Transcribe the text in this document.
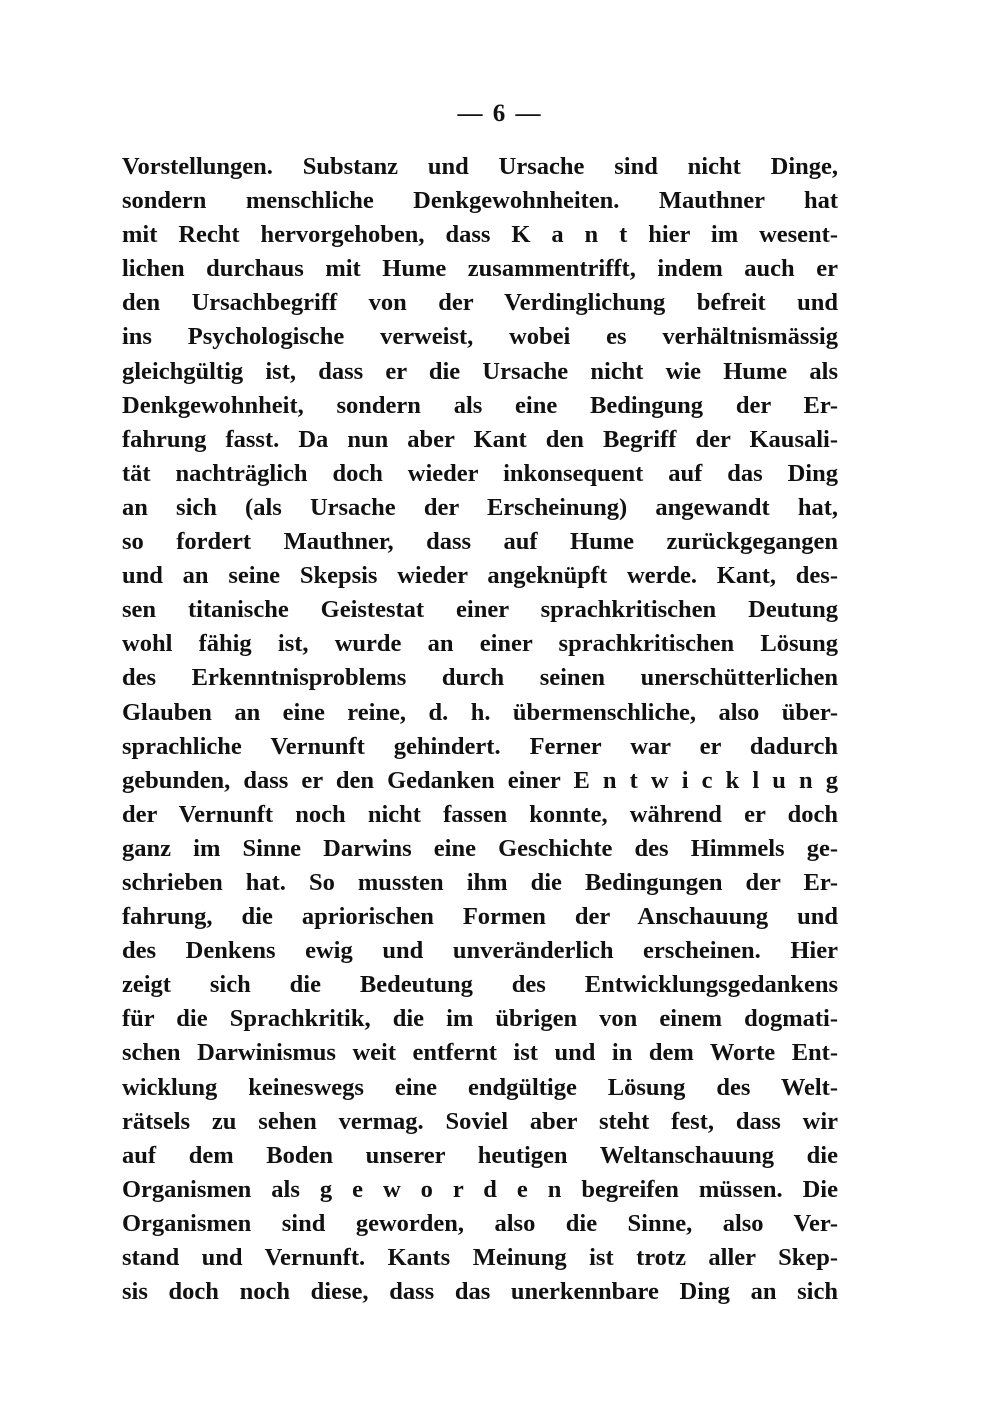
— 6 —
Vorstellungen. Substanz und Ursache sind nicht Dinge,
sondern menschliche Denkgewohnheiten. Mauthner hat
mit Recht hervorgehoben, dass K a n t hier im wesent-
lichen durchaus mit Hume zusammentrifft, indem auch er
den Ursachbegriff von der Verdinglichung befreit und
ins Psychologische verweist, wobei es verhältnismässig
gleichgültig ist, dass er die Ursache nicht wie Hume als
Denkgewohnheit, sondern als eine Bedingung der Er-
fahrung fasst. Da nun aber Kant den Begriff der Kausali-
tät nachträglich doch wieder inkonsequent auf das Ding
an sich (als Ursache der Erscheinung) angewandt hat,
so fordert Mauthner, dass auf Hume zurückgegangen
und an seine Skepsis wieder angeknüpft werde. Kant, des-
sen titanische Geistestat einer sprachkritischen Deutung
wohl fähig ist, wurde an einer sprachkritischen Lösung
des Erkenntnisproblems durch seinen unerschütterlichen
Glauben an eine reine, d. h. übermenschliche, also über-
sprachliche Vernunft gehindert. Ferner war er dadurch
gebunden, dass er den Gedanken einer E n t w i c k l u n g
der Vernunft noch nicht fassen konnte, während er doch
ganz im Sinne Darwins eine Geschichte des Himmels ge-
schrieben hat. So mussten ihm die Bedingungen der Er-
fahrung, die apriorischen Formen der Anschauung und
des Denkens ewig und unveränderlich erscheinen. Hier
zeigt sich die Bedeutung des Entwicklungsgedankens
für die Sprachkritik, die im übrigen von einem dogmati-
schen Darwinismus weit entfernt ist und in dem Worte Ent-
wicklung keineswegs eine endgültige Lösung des Welt-
rätsels zu sehen vermag. Soviel aber steht fest, dass wir
auf dem Boden unserer heutigen Weltanschauung die
Organismen als g e w o r d e n begreifen müssen. Die
Organismen sind geworden, also die Sinne, also Ver-
stand und Vernunft. Kants Meinung ist trotz aller Skep-
sis doch noch diese, dass das unerkennbare Ding an sich
